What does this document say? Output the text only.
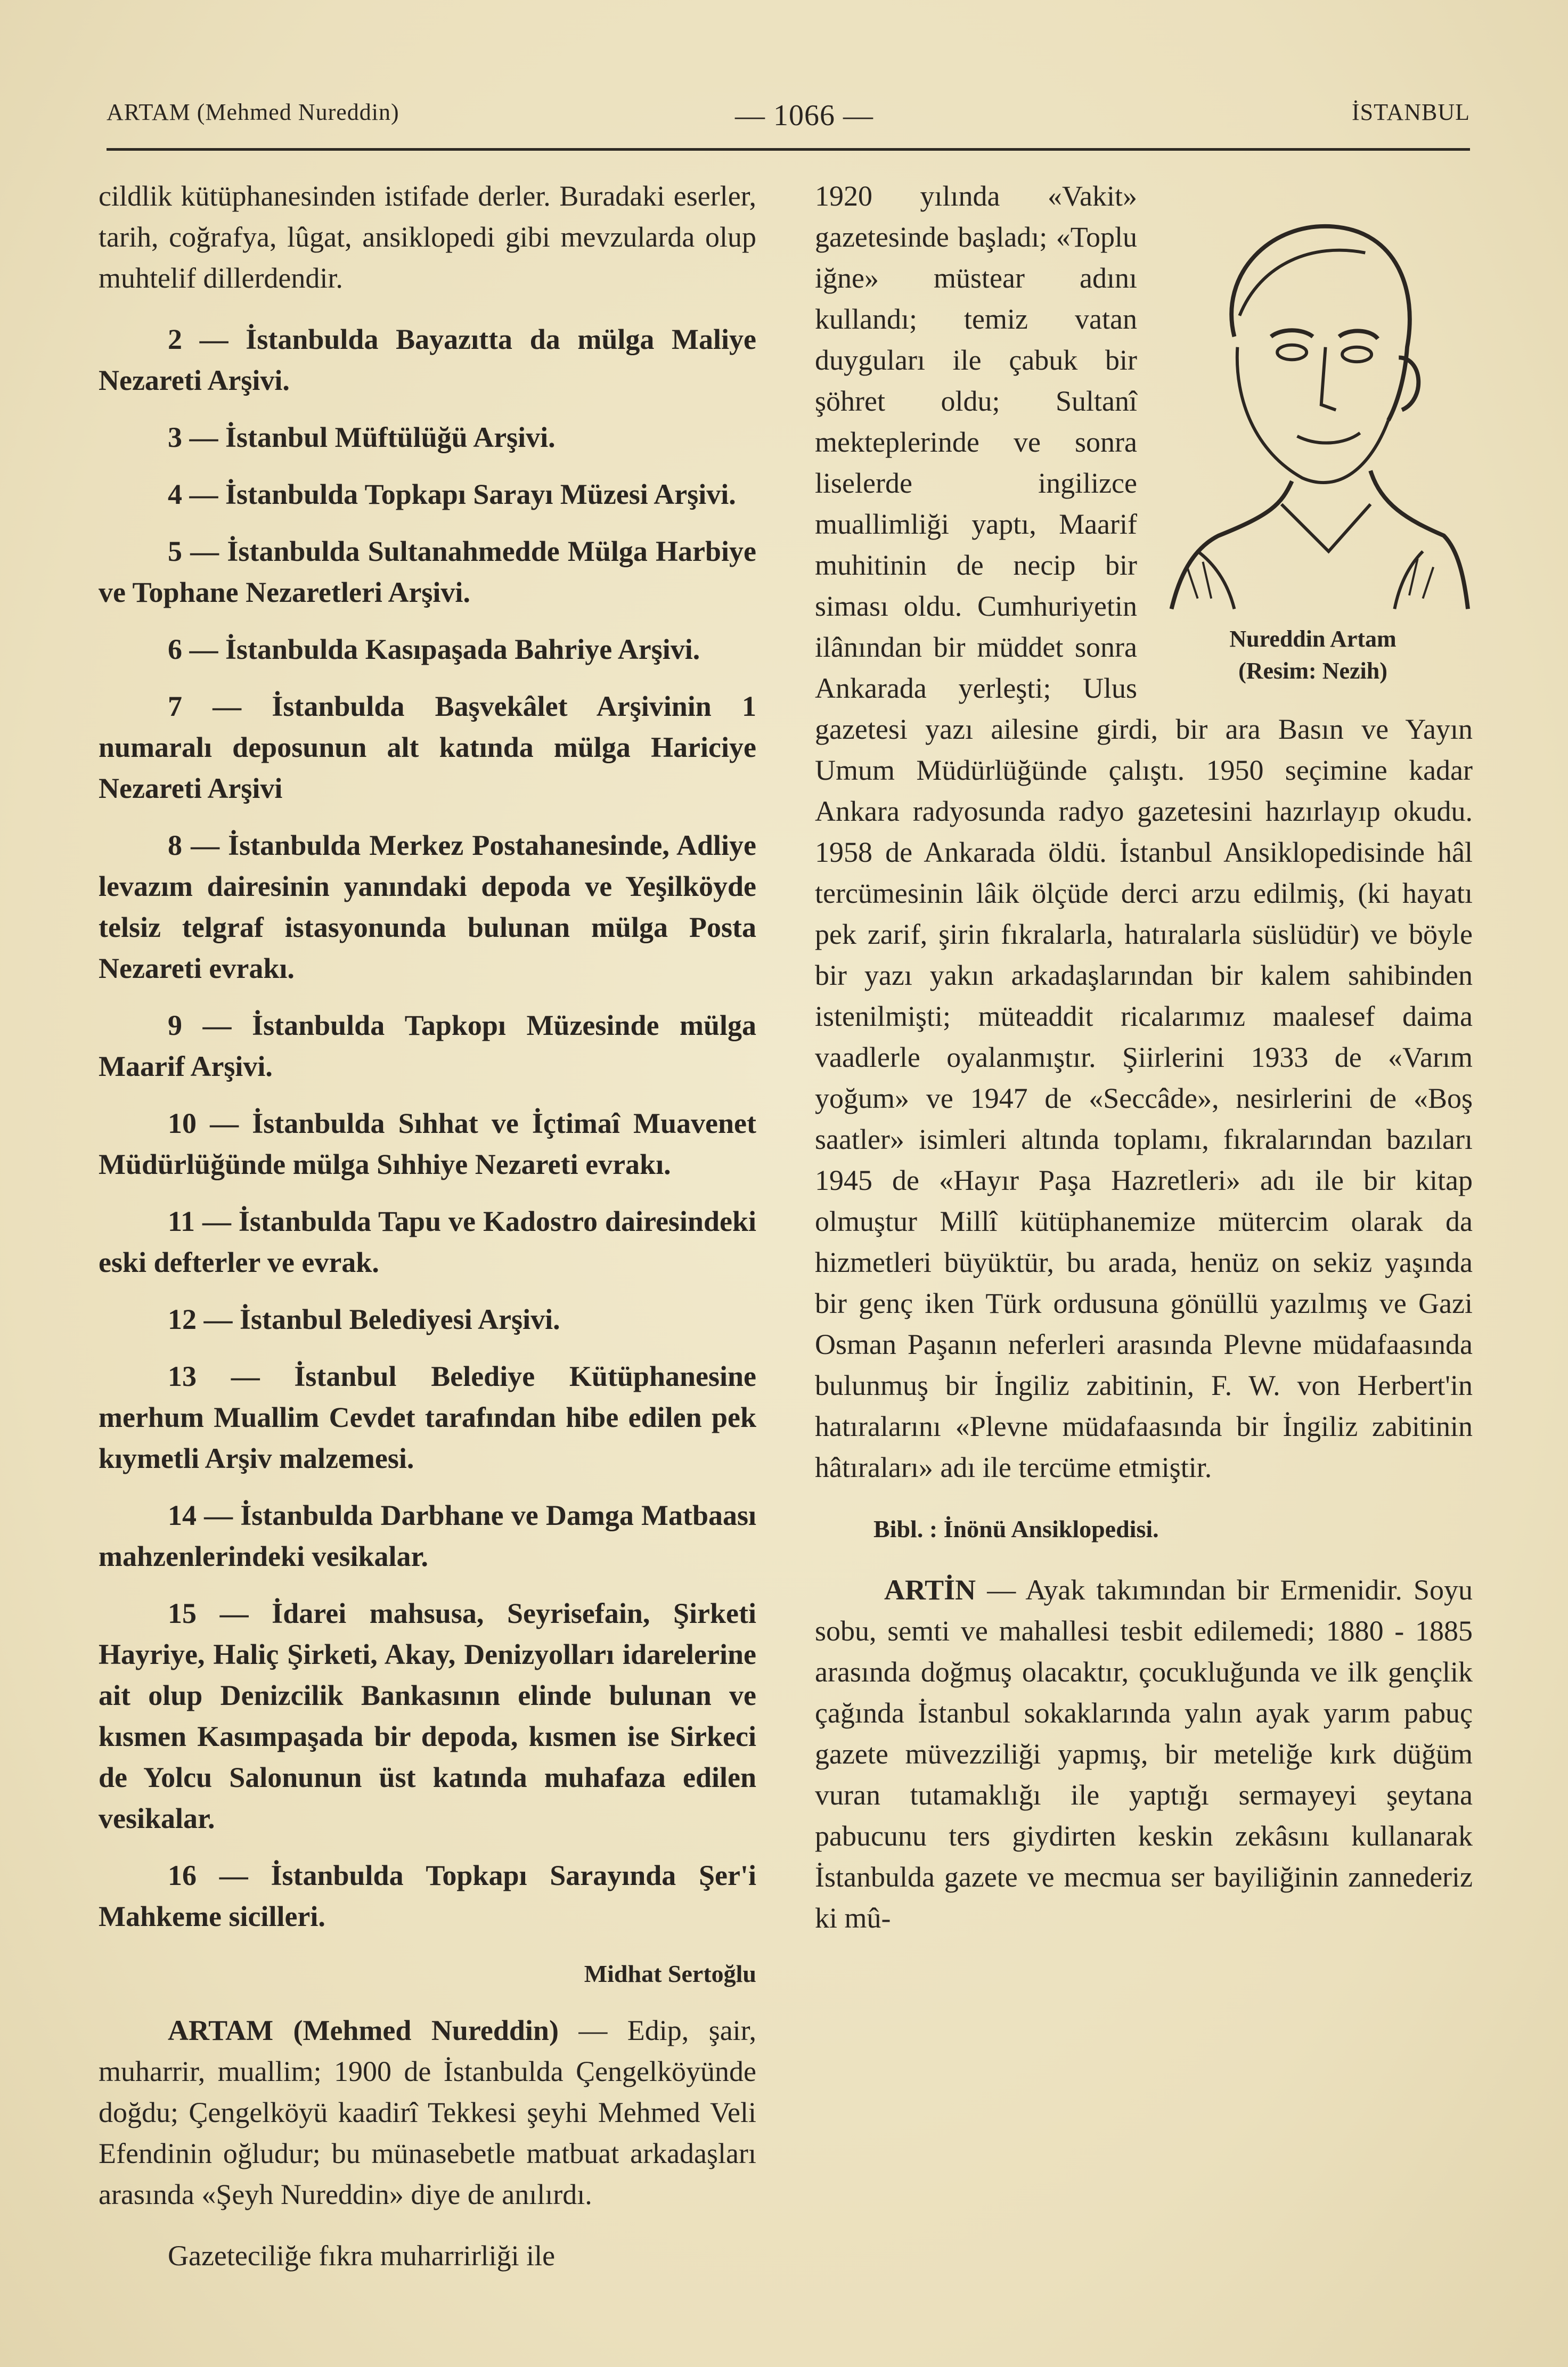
ARTAM (Mehmed Nureddin)	— 1066 —	İSTANBUL

cildlik kütüphanesinden istifade derler. Buradaki eserler, tarih, coğrafya, lûgat, ansiklopedi gibi mevzularda olup muhtelif dillerdendir.

2 — İstanbulda Bayazıtta da mülga Maliye Nezareti Arşivi.

3 — İstanbul Müftülüğü Arşivi.

4 — İstanbulda Topkapı Sarayı Müzesi Arşivi.

5 — İstanbulda Sultanahmedde Mülga Harbiye ve Tophane Nezaretleri Arşivi.

6 — İstanbulda Kasıpaşada Bahriye Arşivi.

7 — İstanbulda Başvekâlet Arşivinin 1 numaralı deposunun alt katında mülga Hariciye Nezareti Arşivi

8 — İstanbulda Merkez Postahanesinde, Adliye levazım dairesinin yanındaki depoda ve Yeşilköyde telsiz telgraf istasyonunda bulunan mülga Posta Nezareti evrakı.

9 — İstanbulda Tapkopı Müzesinde mülga Maarif Arşivi.

10 — İstanbulda Sıhhat ve İçtimaî Muavenet Müdürlüğünde mülga Sıhhiye Nezareti evrakı.

11 — İstanbulda Tapu ve Kadostro dairesindeki eski defterler ve evrak.

12 — İstanbul Belediyesi Arşivi.

13 — İstanbul Belediye Kütüphanesine merhum Muallim Cevdet tarafından hibe edilen pek kıymetli Arşiv malzemesi.

14 — İstanbulda Darbhane ve Damga Matbaası mahzenlerindeki vesikalar.

15 — İdarei mahsusa, Seyrisefain, Şirketi Hayriye, Haliç Şirketi, Akay, Denizyolları idarelerine ait olup Denizcilik Bankasının elinde bulunan ve kısmen Kasımpaşada bir depoda, kısmen ise Sirkeci de Yolcu Salonunun üst katında muhafaza edilen vesikalar.

16 — İstanbulda Topkapı Sarayında Şer'i Mahkeme sicilleri.

Midhat Sertoğlu

ARTAM (Mehmed Nureddin) — Edip, şair, muharrir, muallim; 1900 de İstanbulda Çengelköyünde doğdu; Çengelköyü kaadirî Tekkesi şeyhi Mehmed Veli Efendinin oğludur; bu münasebetle matbuat arkadaşları arasında «Şeyh Nureddin» diye de anılırdı.

Gazeteciliğe fıkra muharrirliği ile

Nureddin Artam
(Resim: Nezih)

1920 yılında «Vakit» gazetesinde başladı; «Toplu iğne» müstear adını kullandı; temiz vatan duyguları ile çabuk bir şöhret oldu; Sultanî mekteplerinde ve sonra liselerde ingilizce muallimliği yaptı, Maarif muhitinin de necip bir siması oldu. Cumhuriyetin ilânından bir müddet sonra Ankarada yerleşti; Ulus gazetesi yazı ailesine girdi, bir ara Basın ve Yayın Umum Müdürlüğünde çalıştı. 1950 seçimine kadar Ankara radyosunda radyo gazetesini hazırlayıp okudu. 1958 de Ankarada öldü. İstanbul Ansiklopedisinde hâl tercümesinin lâik ölçüde derci arzu edilmiş, (ki hayatı pek zarif, şirin fıkralarla, hatıralarla süslüdür) ve böyle bir yazı yakın arkadaşlarından bir kalem sahibinden istenilmişti; müteaddit ricalarımız maalesef daima vaadlerle oyalanmıştır. Şiirlerini 1933 de «Varım yoğum» ve 1947 de «Seccâde», nesirlerini de «Boş saatler» isimleri altında toplamı, fıkralarından bazıları 1945 de «Hayır Paşa Hazretleri» adı ile bir kitap olmuştur Millî kütüphanemize mütercim olarak da hizmetleri büyüktür, bu arada, henüz on sekiz yaşında bir genç iken Türk ordusuna gönüllü yazılmış ve Gazi Osman Paşanın neferleri arasında Plevne müdafaasında bulunmuş bir İngiliz zabitinin, F. W. von Herbert'in hatıralarını «Plevne müdafaasında bir İngiliz zabitinin hâtıraları» adı ile tercüme etmiştir.

Bibl. : İnönü Ansiklopedisi.

ARTİN — Ayak takımından bir Ermenidir. Soyu sobu, semti ve mahallesi tesbit edilemedi; 1880 - 1885 arasında doğmuş olacaktır, çocukluğunda ve ilk gençlik çağında İstanbul sokaklarında yalın ayak yarım pabuç gazete müvezziliği yapmış, bir meteliğe kırk düğüm vuran tutamaklığı ile yaptığı sermayeyi şeytana pabucunu ters giydirten keskin zekâsını kullanarak İstanbulda gazete ve mecmua ser bayiliğinin zannederiz ki mû-
